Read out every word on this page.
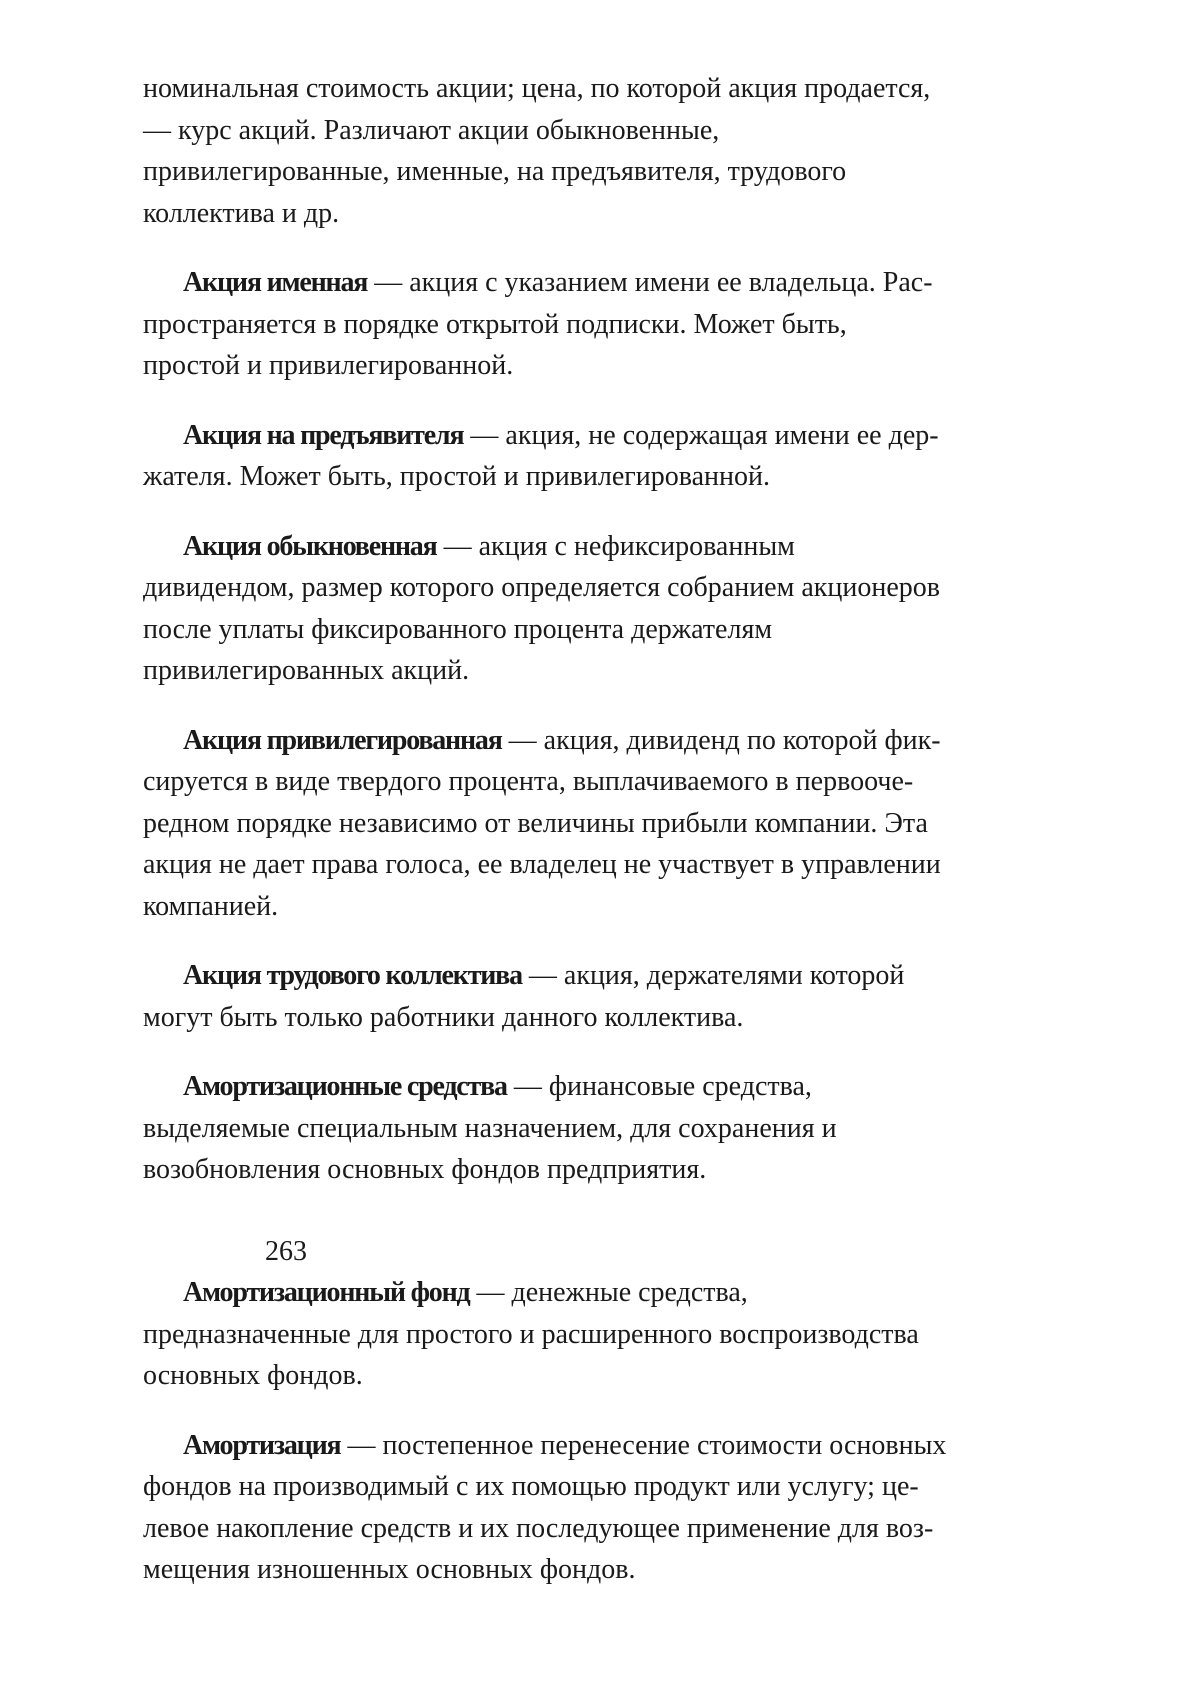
номинальная стоимость акции; цена, по которой акция продается,
— курс акций. Различают акции обыкновенные,
привилегированные, именные, на предъявителя, трудового
коллектива и др.

Акция именная — акция с указанием имени ее владельца. Рас-
пространяется в порядке открытой подписки. Может быть,
простой и привилегированной.

Акция на предъявителя — акция, не содержащая имени ее дер-
жателя. Может быть, простой и привилегированной.

Акция обыкновенная — акция с нефиксированным
дивидендом, размер которого определяется собранием акционеров
после уплаты фиксированного процента держателям
привилегированных акций.

Акция привилегированная — акция, дивиденд по которой фик-
сируется в виде твердого процента, выплачиваемого в первооче-
редном порядке независимо от величины прибыли компании. Эта
акция не дает права голоса, ее владелец не участвует в управлении
компанией.

Акция трудового коллектива — акция, держателями которой
могут быть только работники данного коллектива.

Амортизационные средства — финансовые средства,
выделяемые специальным назначением, для сохранения и
возобновления основных фондов предприятия.

263

Амортизационный фонд — денежные средства,
предназначенные для простого и расширенного воспроизводства
основных фондов.

Амортизация — постепенное перенесение стоимости основных
фондов на производимый с их помощью продукт или услугу; це-
левое накопление средств и их последующее применение для воз-
мещения изношенных основных фондов.
